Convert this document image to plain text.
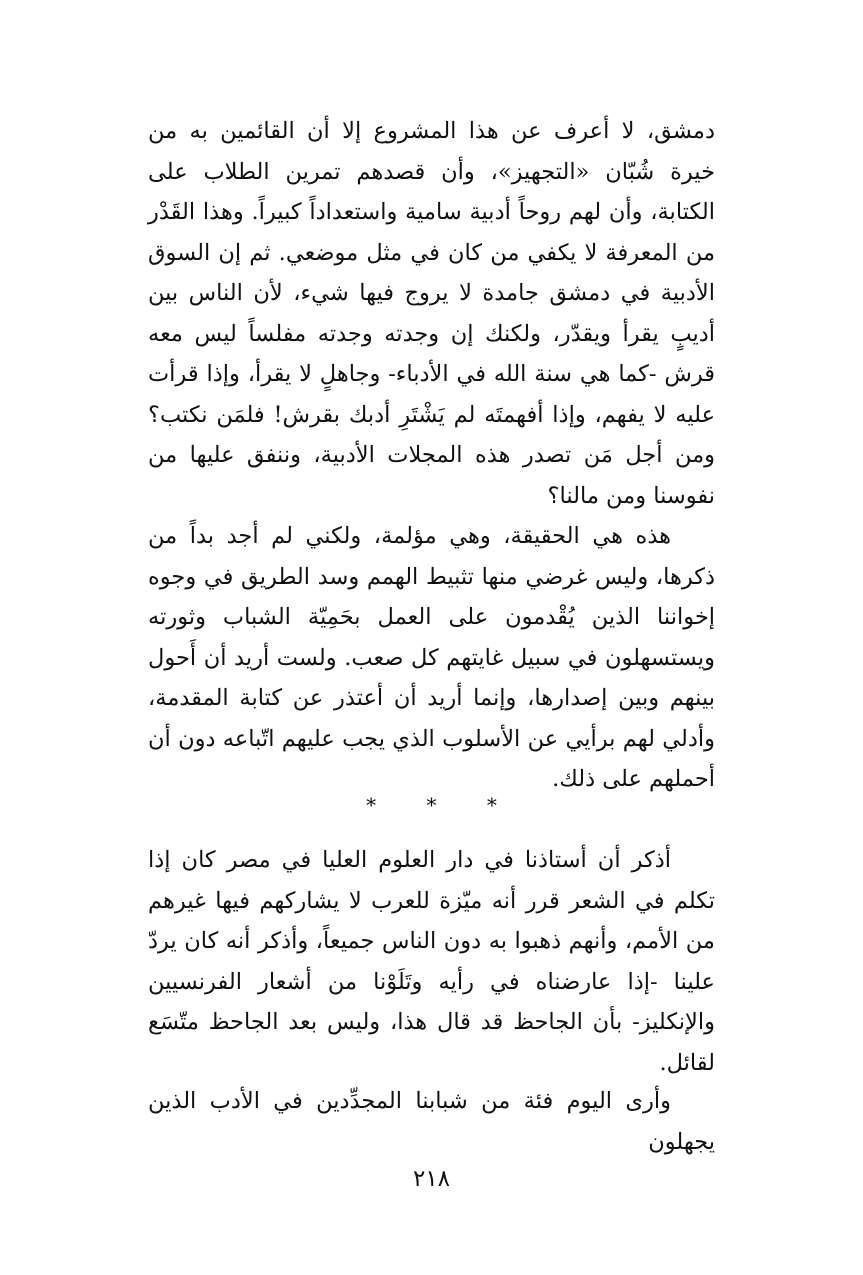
دمشق، لا أعرف عن هذا المشروع إلا أن القائمين به من خيرة شُبّان «التجهيز»، وأن قصدهم تمرين الطلاب على الكتابة، وأن لهم روحاً أدبية سامية واستعداداً كبيراً. وهذا القَدْر من المعرفة لا يكفي من كان في مثل موضعي. ثم إن السوق الأدبية في دمشق جامدة لا يروج فيها شيء، لأن الناس بين أديبٍ يقرأ ويقدّر، ولكنك إن وجدته وجدته مفلساً ليس معه قرش -كما هي سنة الله في الأدباء- وجاهلٍ لا يقرأ، وإذا قرأت عليه لا يفهم، وإذا أفهمتَه لم يَشْتَرِ أدبك بقرش! فلمَن نكتب؟ ومن أجل مَن تصدر هذه المجلات الأدبية، وننفق عليها من نفوسنا ومن مالنا؟

هذه هي الحقيقة، وهي مؤلمة، ولكني لم أجد بداً من ذكرها، وليس غرضي منها تثبيط الهمم وسد الطريق في وجوه إخواننا الذين يُقْدمون على العمل بحَمِيّة الشباب وثورته ويستسهلون في سبيل غايتهم كل صعب. ولست أريد أن أَحول بينهم وبين إصدارها، وإنما أريد أن أعتذر عن كتابة المقدمة، وأدلي لهم برأيي عن الأسلوب الذي يجب عليهم اتّباعه دون أن أحملهم على ذلك.

* * *

أذكر أن أستاذنا في دار العلوم العليا في مصر كان إذا تكلم في الشعر قرر أنه ميّزة للعرب لا يشاركهم فيها غيرهم من الأمم، وأنهم ذهبوا به دون الناس جميعاً، وأذكر أنه كان يردّ علينا -إذا عارضناه في رأيه وتَلَوْنا من أشعار الفرنسيين والإنكليز- بأن الجاحظ قد قال هذا، وليس بعد الجاحظ متّسَع لقائل.

وأرى اليوم فئة من شبابنا المجدِّدين في الأدب الذين يجهلون

٢١٨
